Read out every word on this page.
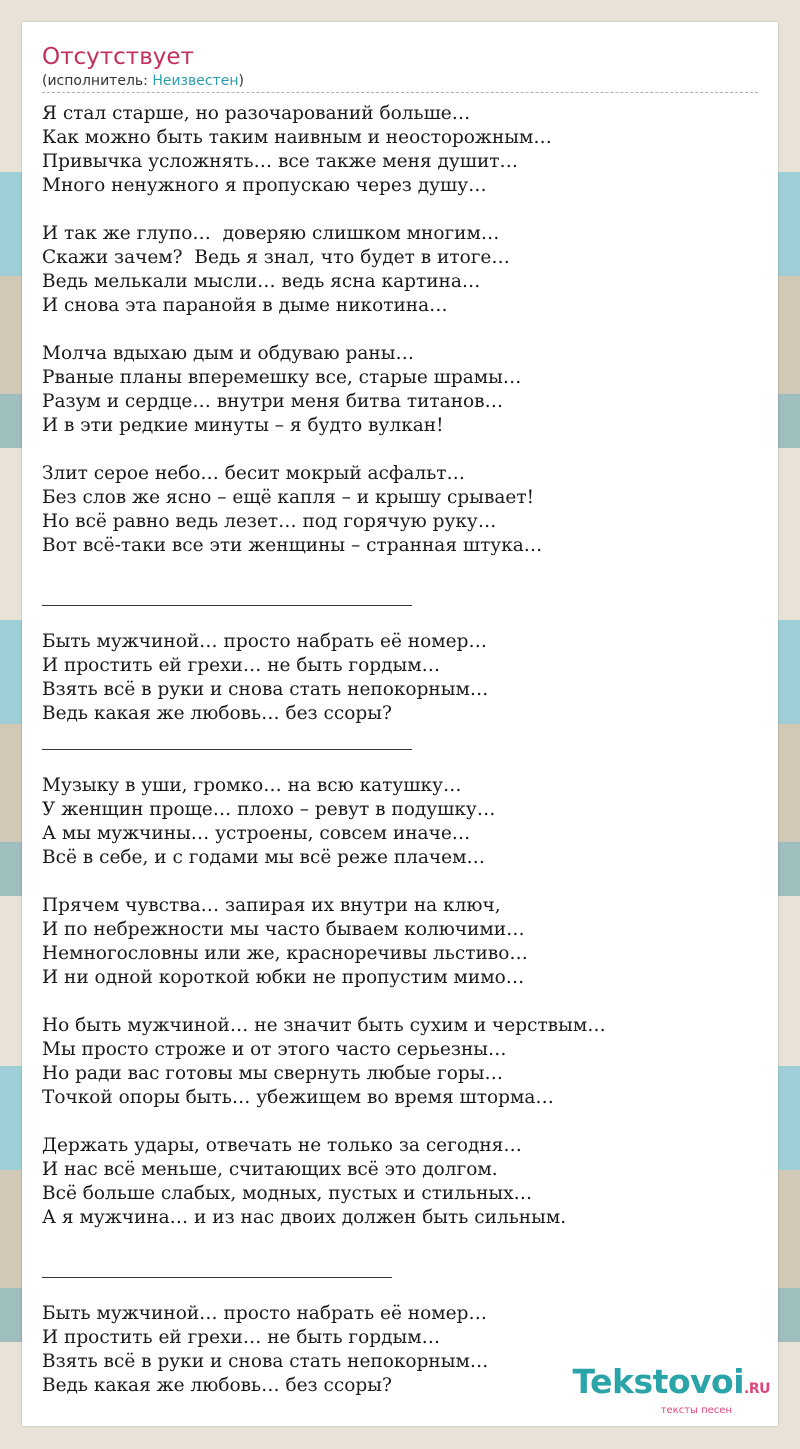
Отсутствует
(исполнитель: Неизвестен)
Я стал старше, но разочарований больше…
Как можно быть таким наивным и неосторожным…
Привычка усложнять… все также меня душит…
Много ненужного я пропускаю через душу…
И так же глупо…  доверяю слишком многим…
Скажи зачем?  Ведь я знал, что будет в итоге…
Ведь мелькали мысли… ведь ясна картина…
И снова эта паранойя в дыме никотина…
Молча вдыхаю дым и обдуваю раны…
Рваные планы вперемешку все, старые шрамы…
Разум и сердце… внутри меня битва титанов…
И в эти редкие минуты – я будто вулкан!
Злит серое небо… бесит мокрый асфальт…
Без слов же ясно – ещё капля – и крышу срывает!
Но всё равно ведь лезет… под горячую руку…
Вот всё-таки все эти женщины – странная штука…
Быть мужчиной… просто набрать её номер…
И простить ей грехи… не быть гордым…
Взять всё в руки и снова стать непокорным…
Ведь какая же любовь… без ссоры?
Музыку в уши, громко… на всю катушку…
У женщин проще… плохо – ревут в подушку…
А мы мужчины… устроены, совсем иначе…
Всё в себе, и с годами мы всё реже плачем…
Прячем чувства… запирая их внутри на ключ,
И по небрежности мы часто бываем колючими…
Немногословны или же, красноречивы льстиво…
И ни одной короткой юбки не пропустим мимо…
Но быть мужчиной… не значит быть сухим и черствым…
Мы просто строже и от этого часто серьезны…
Но ради вас готовы мы свернуть любые горы…
Точкой опоры быть… убежищем во время шторма…
Держать удары, отвечать не только за сегодня…
И нас всё меньше, считающих всё это долгом.
Всё больше слабых, модных, пустых и стильных…
А я мужчина… и из нас двоих должен быть сильным.
Быть мужчиной… просто набрать её номер…
И простить ей грехи… не быть гордым…
Взять всё в руки и снова стать непокорным…
Ведь какая же любовь… без ссоры?	Tekstovoi.RU
тексты песен
